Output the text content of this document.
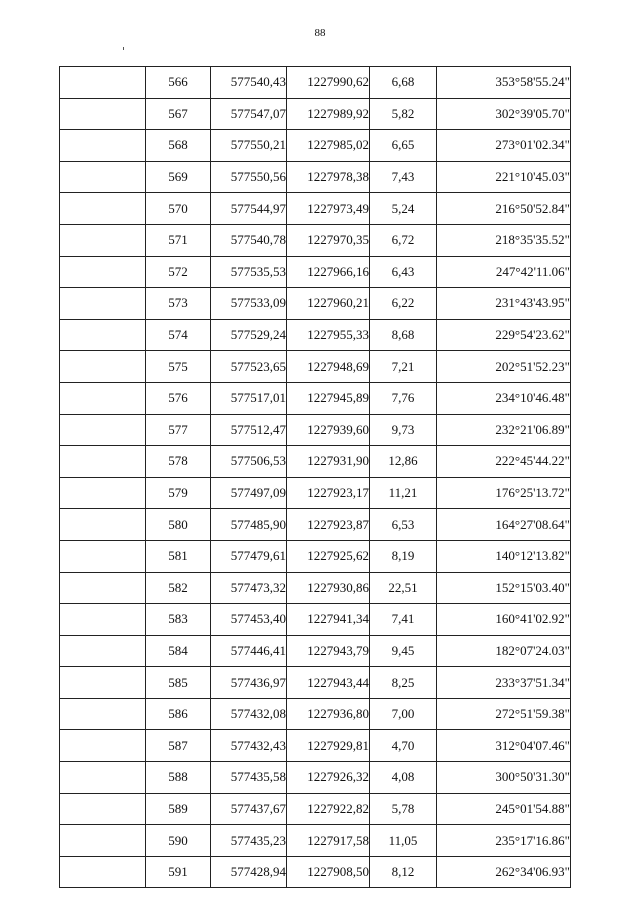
88
	566	577540,43	1227990,62	6,68	353°58'55.24"
	567	577547,07	1227989,92	5,82	302°39'05.70"
	568	577550,21	1227985,02	6,65	273°01'02.34"
	569	577550,56	1227978,38	7,43	221°10'45.03"
	570	577544,97	1227973,49	5,24	216°50'52.84"
	571	577540,78	1227970,35	6,72	218°35'35.52"
	572	577535,53	1227966,16	6,43	247°42'11.06"
	573	577533,09	1227960,21	6,22	231°43'43.95"
	574	577529,24	1227955,33	8,68	229°54'23.62"
	575	577523,65	1227948,69	7,21	202°51'52.23"
	576	577517,01	1227945,89	7,76	234°10'46.48"
	577	577512,47	1227939,60	9,73	232°21'06.89"
	578	577506,53	1227931,90	12,86	222°45'44.22"
	579	577497,09	1227923,17	11,21	176°25'13.72"
	580	577485,90	1227923,87	6,53	164°27'08.64"
	581	577479,61	1227925,62	8,19	140°12'13.82"
	582	577473,32	1227930,86	22,51	152°15'03.40"
	583	577453,40	1227941,34	7,41	160°41'02.92"
	584	577446,41	1227943,79	9,45	182°07'24.03"
	585	577436,97	1227943,44	8,25	233°37'51.34"
	586	577432,08	1227936,80	7,00	272°51'59.38"
	587	577432,43	1227929,81	4,70	312°04'07.46"
	588	577435,58	1227926,32	4,08	300°50'31.30"
	589	577437,67	1227922,82	5,78	245°01'54.88"
	590	577435,23	1227917,58	11,05	235°17'16.86"
	591	577428,94	1227908,50	8,12	262°34'06.93"
